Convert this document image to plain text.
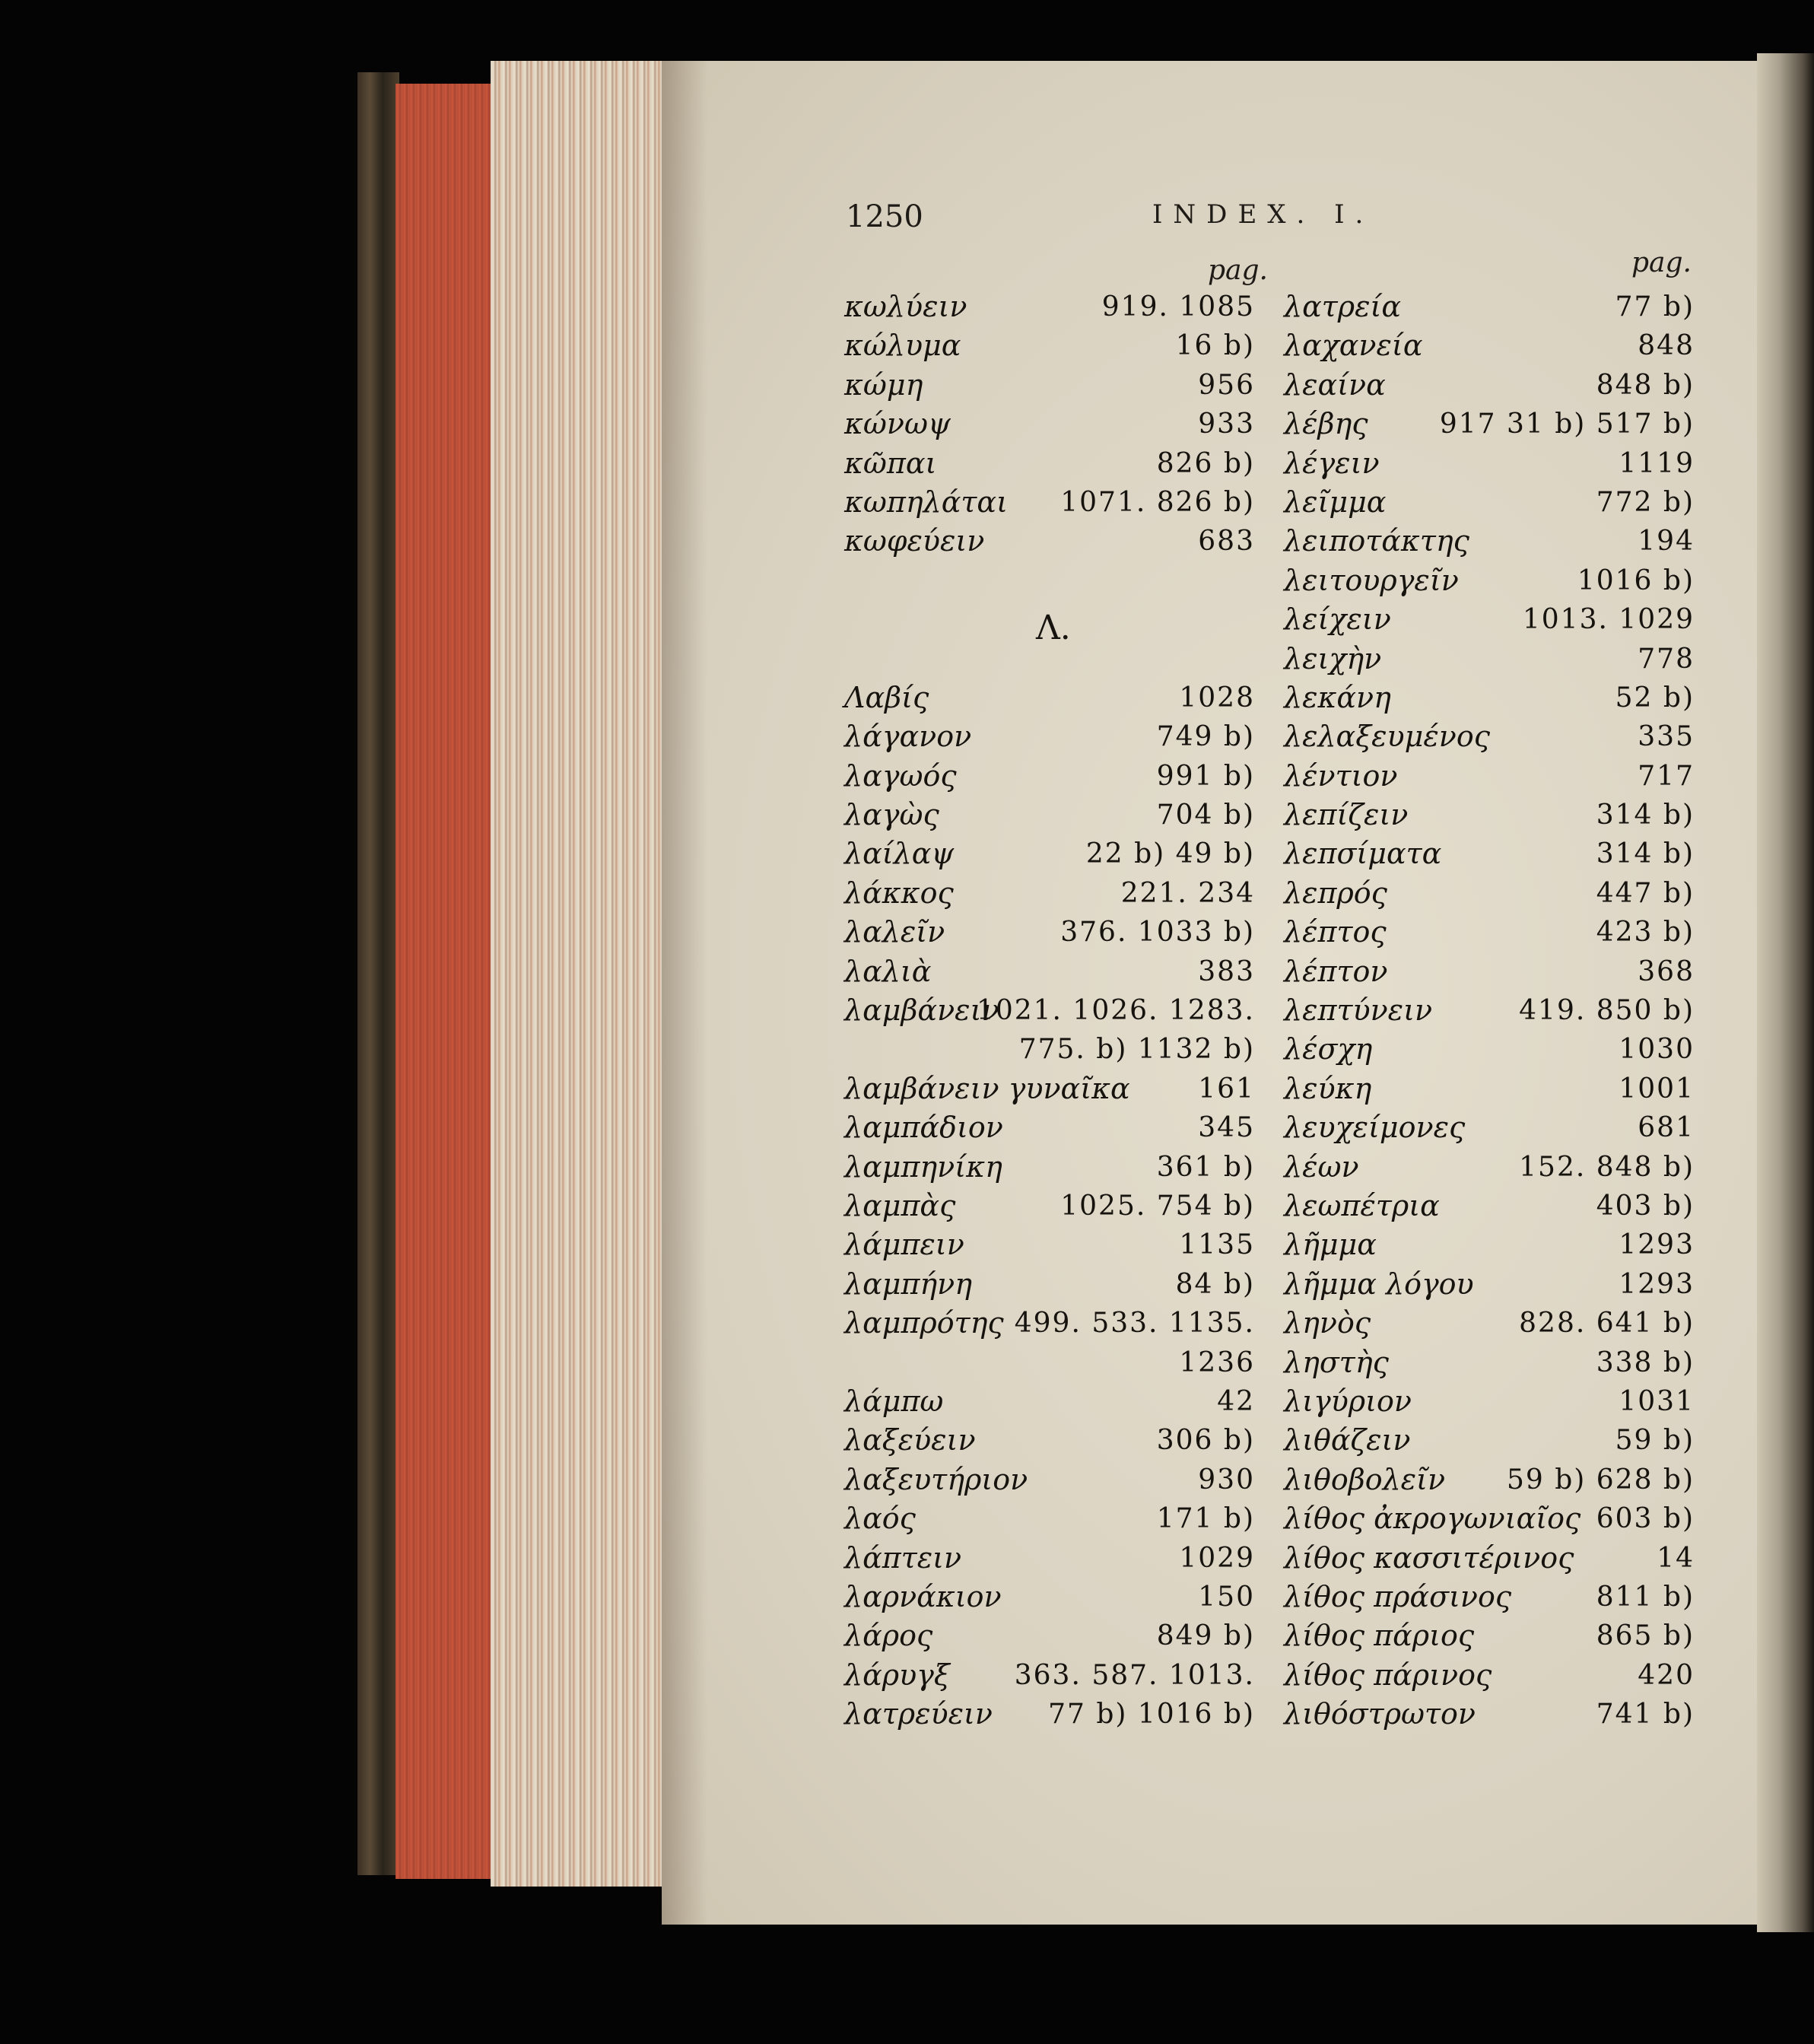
1250	INDEX. I.
pag.	pag.
Λ.
κωλύειν	919. 1085
κώλυμα	16 b)
κώμη	956
κώνωψ	933
κῶπαι	826 b)
κωπηλάται 1071. 826 b)
κωφεύειν	683
Λαβίς	1028
λάγανον	749 b)
λαγωός	991 b)
λαγὼς	704 b)
λαίλαψ	22 b) 49 b)
λάκκος	221. 234
λαλεῖν	376. 1033 b)
λαλιὰ	383
λαμβάνειν
1021. 1026. 1283.
775. b) 1132 b)
λαμβάνειν γυναῖκα 161
λαμπάδιον	345
λαμπηνίκη	361 b)
λαμπὰς	1025. 754 b)
λάμπειν	1135
λαμπήνη	84 b)
λαμπρότης 499. 533. 1135.
1236
λάμπω	42
λαξεύειν	306 b)
λαξευτήριον	930
λαός	171 b)
λάπτειν	1029
λαρνάκιον	150
λάρος	849 b)
λάρυγξ 363. 587. 1013.
λατρεύειν 77 b) 1016 b)
λατρεία	77 b)
λαχανεία	848
λεαίνα	848 b)
λέβης	917 31 b) 517 b)
λέγειν	1119
λεῖμμα	772 b)
λειποτάκτης	194
λειτουργεῖν	1016 b)
λείχειν	1013. 1029
λειχὴν	778
λεκάνη	52 b)
λελαξευμένος	335
λέντιον	717
λεπίζειν	314 b)
λεπσίματα	314 b)
λεπρός	447 b)
λέπτος	423 b)
λέπτον	368
λεπτύνειν	419. 850 b)
λέσχη	1030
λεύκη	1001
λευχείμονες	681
λέων	152. 848 b)
λεωπέτρια	403 b)
λῆμμα	1293
λῆμμα λόγου	1293
ληνὸς	828. 641 b)
ληστὴς	338 b)
λιγύριον	1031
λιθάζειν	59 b)
λιθοβολεῖν 59 b) 628 b)
λίθος ἀκρογωνιαῖος 603 b)
λίθος κασσιτέρινος	14
λίθος πράσινος	811 b)
λίθος πάριος	865 b)
λίθος πάρινος	420
λιθόστρωτον	741 b)
